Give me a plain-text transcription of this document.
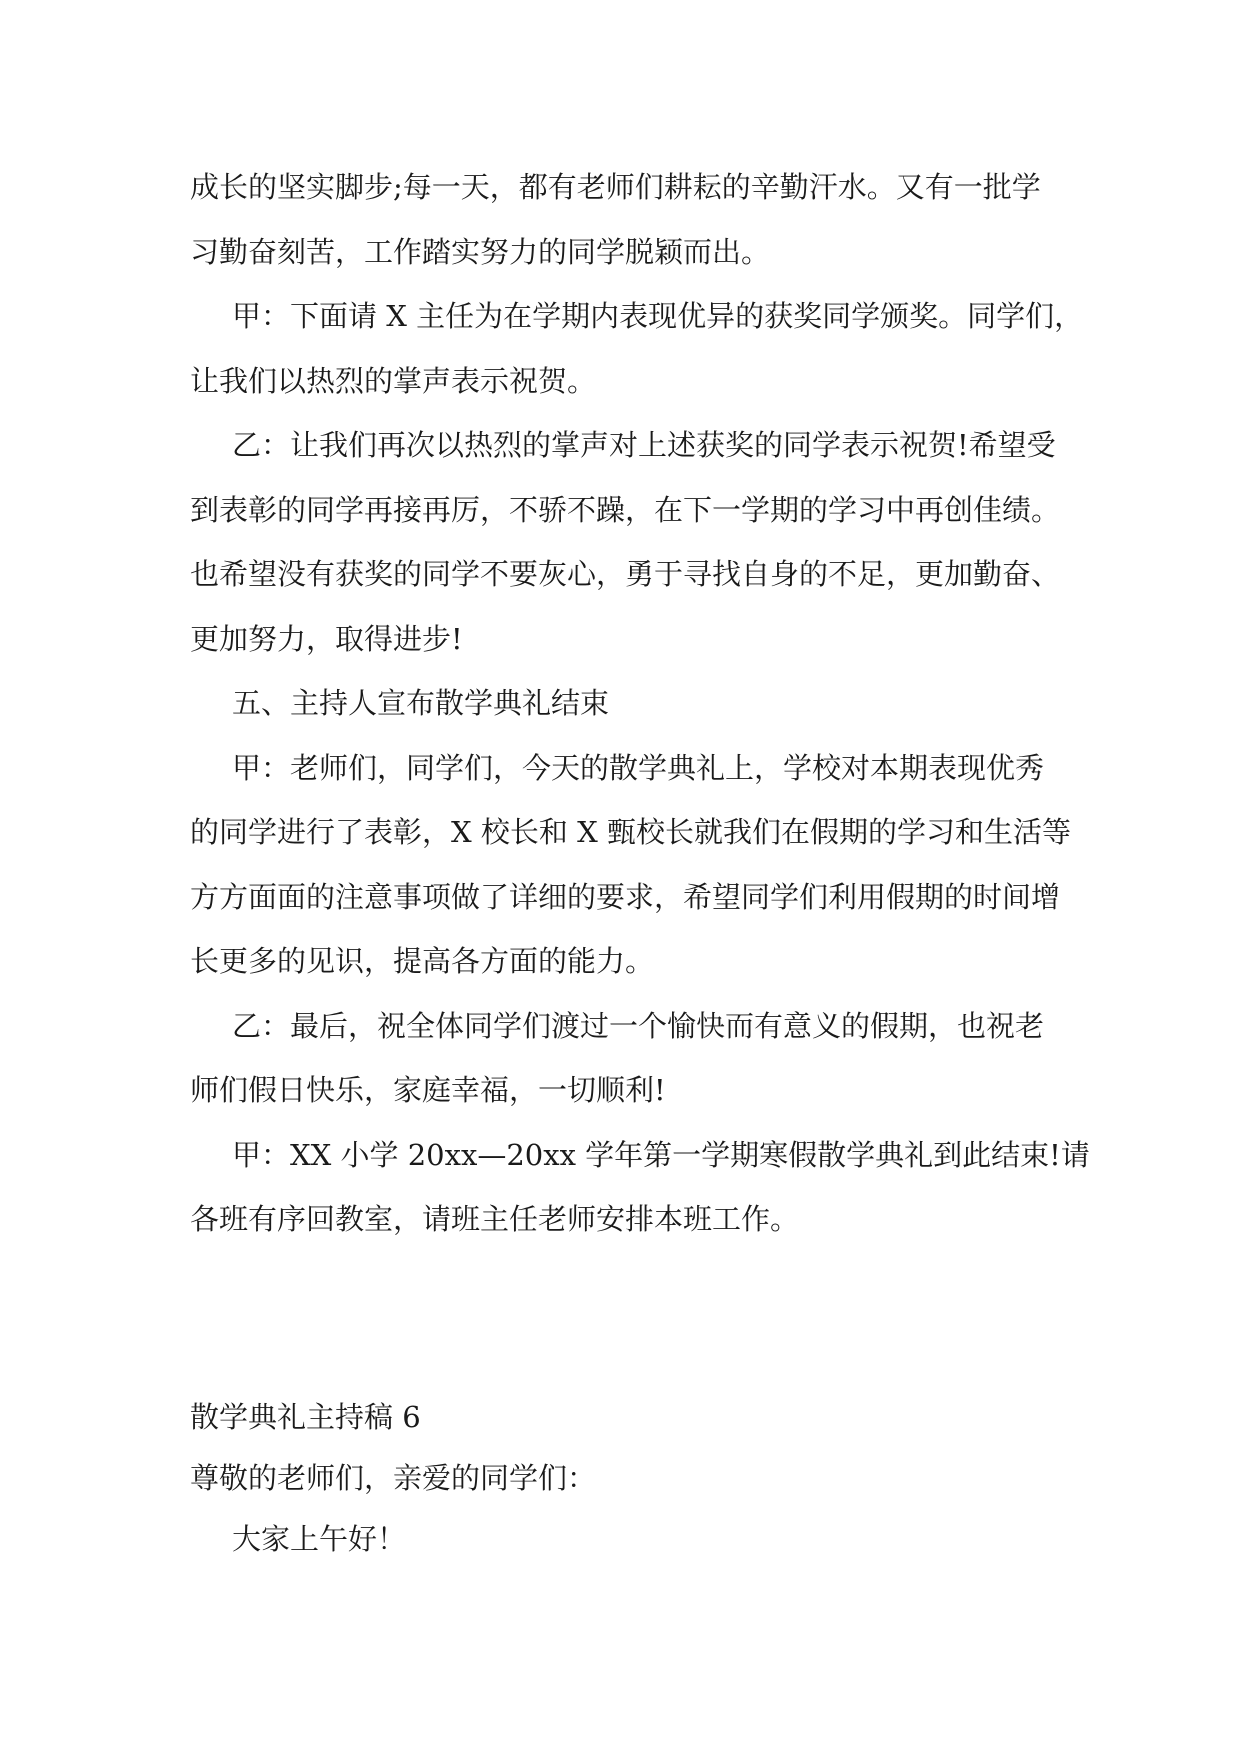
成长的坚实脚步;每一天，都有老师们耕耘的辛勤汗水。又有一批学
习勤奋刻苦，工作踏实努力的同学脱颖而出。
甲：下面请 X 主任为在学期内表现优异的获奖同学颁奖。同学们，
让我们以热烈的掌声表示祝贺。
乙：让我们再次以热烈的掌声对上述获奖的同学表示祝贺!希望受
到表彰的同学再接再厉，不骄不躁，在下一学期的学习中再创佳绩。
也希望没有获奖的同学不要灰心，勇于寻找自身的不足，更加勤奋、
更加努力，取得进步!
五、主持人宣布散学典礼结束
甲：老师们，同学们，今天的散学典礼上，学校对本期表现优秀
的同学进行了表彰，X 校长和 X 甄校长就我们在假期的学习和生活等
方方面面的注意事项做了详细的要求，希望同学们利用假期的时间增
长更多的见识，提高各方面的能力。
乙：最后，祝全体同学们渡过一个愉快而有意义的假期，也祝老
师们假日快乐，家庭幸福，一切顺利!
甲：XX 小学 20xx—20xx 学年第一学期寒假散学典礼到此结束!请
各班有序回教室，请班主任老师安排本班工作。
散学典礼主持稿 6
尊敬的老师们，亲爱的同学们：
大家上午好！
